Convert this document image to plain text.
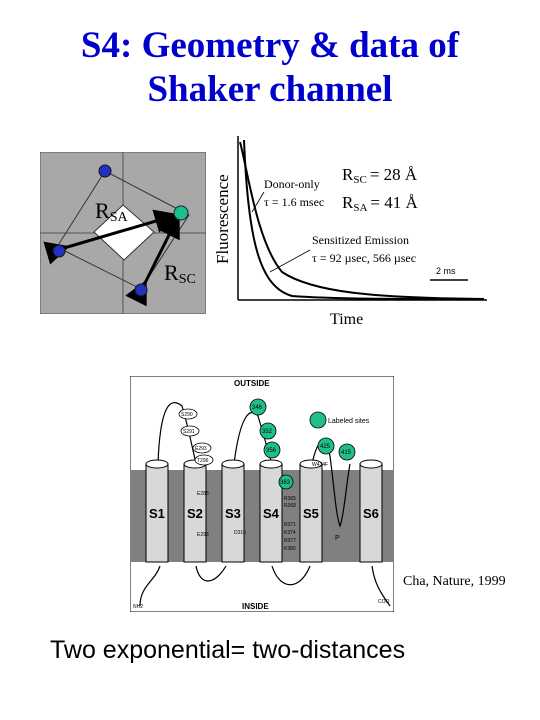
S4: Geometry & data of
Shaker channel
RSA
RSC
Fluorescence	Donor-only
τ = 1.6 msec
RSC = 28 Å
RSA = 41 Å
Sensitized Emission
τ = 92 µsec, 566 µsec
2 ms
Time
OUTSIDE
INSIDE
S1 S2 S3 S4 S5	S6
E283
E293	D316
R365
R368
R371
K374
R377
K380
W434F
P
NH2
COO
S290
S291
E293
T296
346
352
356
363
425
415
Labeled sites
Cha, Nature, 1999
Two exponential= two-distances
